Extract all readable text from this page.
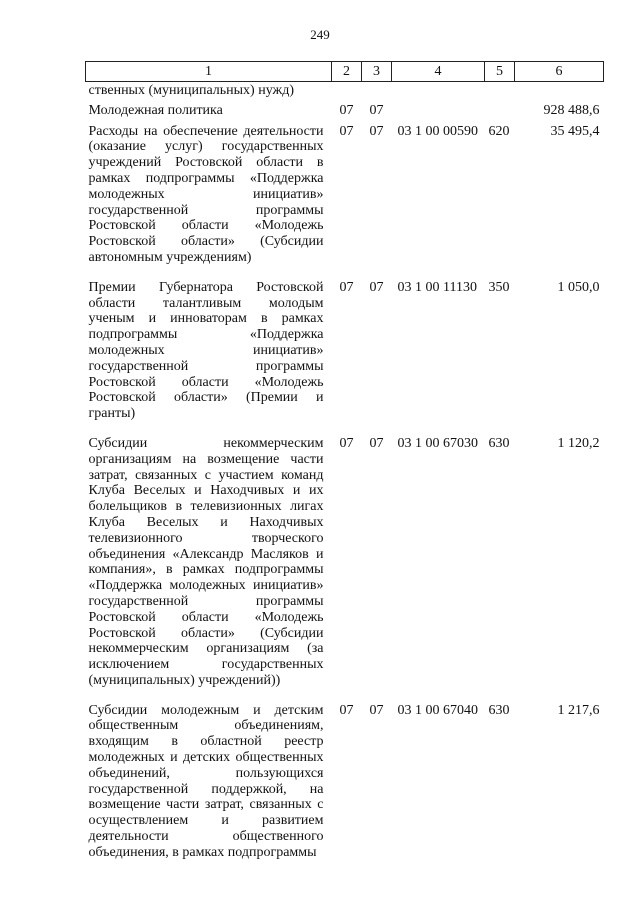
249
1	2	3	4	5	6
ственных (муниципальных) нужд)					
Молодежная политика	07	07			928 488,6
Расходы на обеспечение деятельности (оказание услуг) государственных учреждений Ростовской области в рамках подпрограммы «Поддержка молодежных инициатив» государственной программы Ростовской области «Молодежь Ростовской области» (Субсидии автономным учреждениям)	07	07	03 1 00 00590	620	35 495,4
Премии Губернатора Ростовской области талантливым молодым ученым и инноваторам в рамках подпрограммы «Поддержка молодежных инициатив» государственной программы Ростовской области «Молодежь Ростовской области» (Премии и гранты)	07	07	03 1 00 11130	350	1 050,0
Субсидии некоммерческим организациям на возмещение части затрат, связанных с участием команд Клуба Веселых и Находчивых и их болельщиков в телевизионных лигах Клуба Веселых и Находчивых телевизионного творческого объединения «Александр Масляков и компания», в рамках подпрограммы «Поддержка молодежных инициатив» государственной программы Ростовской области «Молодежь Ростовской области» (Субсидии некоммерческим организациям (за исключением государственных (муниципальных) учреждений))	07	07	03 1 00 67030	630	1 120,2
Субсидии молодежным и детским общественным объединениям, входящим в областной реестр молодежных и детских общественных объединений, пользующихся государственной поддержкой, на возмещение части затрат, связанных с осуществлением и развитием деятельности общественного объединения, в рамках подпрограммы	07	07	03 1 00 67040	630	1 217,6
